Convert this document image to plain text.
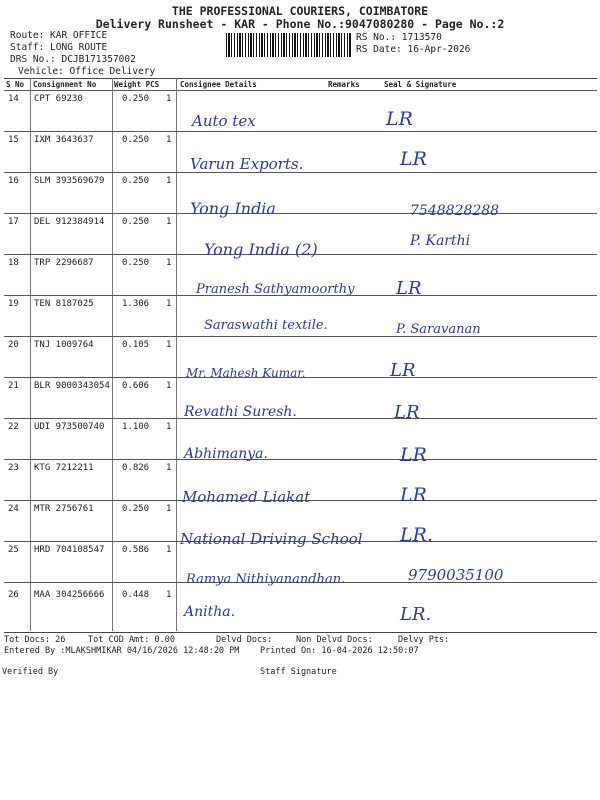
THE PROFESSIONAL COURIERS, COIMBATORE
Delivery Runsheet - KAR - Phone No.:9047080280 - Page No.:2
Route: KAR OFFICE
Staff: LONG ROUTE
DRS No.: DCJB171357002
Vehicle: Office Delivery
RS No.: 1713570
RS Date: 16-Apr-2026
S No Consignment No Weight PCS	Consignee Details	Remarks	Seal & Signature
14 CPT 69230	0.250 1
Auto tex	LR
15 IXM 3643637	0.250 1
Varun Exports.	LR
16 SLM 393569679 0.250 1
Yong India	7548828288
17 DEL 912384914 0.250 1
Yong India (2)	P. Karthi
18 TRP 2296687	0.250 1
Pranesh Sathyamoorthy LR
19 TEN 8187025	1.306 1
Saraswathi textile.	P. Saravanan
20 TNJ 1009764	0.105 1
Mr. Mahesh Kumar.	LR
21 BLR 9000343054 0.606 1
Revathi Suresh.	LR
22 UDI 973500740 1.100 1
Abhimanya.	LR
23 KTG 7212211	0.826 1
Mohamed Liakat	LR
24 MTR 2756761	0.250 1
National Driving School LR.
25 HRD 704108547 0.586 1
Ramya Nithiyanandhan.	9790035100
26 MAA 304256666 0.448 1
Anitha.	LR.
Tot Docs: 26	Tot COD Amt: 0.00	Delvd Docs:	Non Delvd Docs:	Delvy Pts:
Entered By :MLAKSHMIKAR 04/16/2026 12:48:20 PM Printed On: 16-04-2026 12:50:07
Verified By	Staff Signature
